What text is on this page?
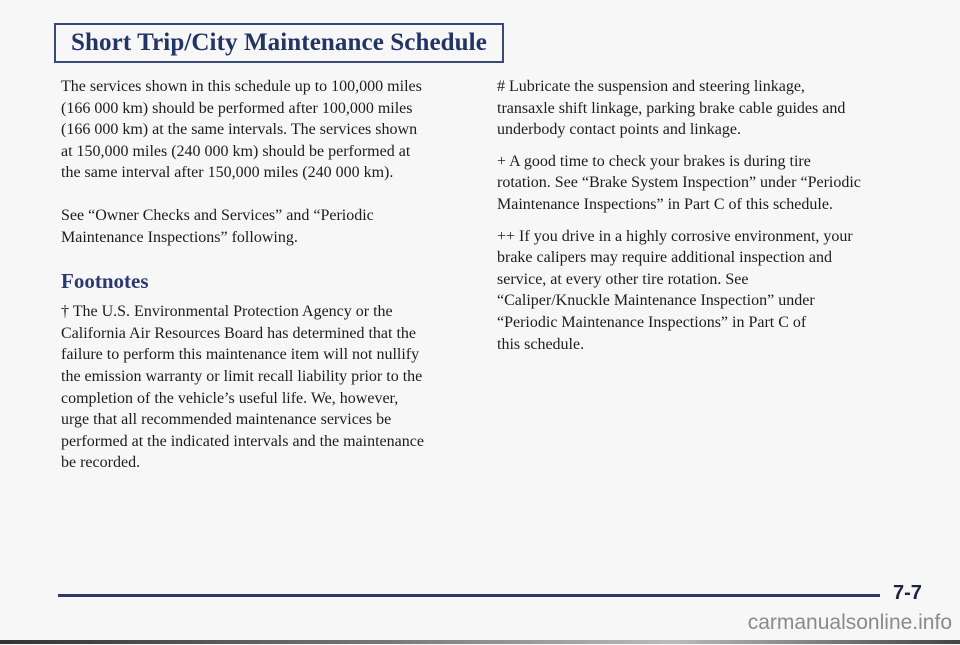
Short Trip/City Maintenance Schedule
The services shown in this schedule up to 100,000 miles
(166 000 km) should be performed after 100,000 miles
(166 000 km) at the same intervals. The services shown
at 150,000 miles (240 000 km) should be performed at
the same interval after 150,000 miles (240 000 km).
See “Owner Checks and Services” and “Periodic
Maintenance Inspections” following.
Footnotes
† The U.S. Environmental Protection Agency or the
California Air Resources Board has determined that the
failure to perform this maintenance item will not nullify
the emission warranty or limit recall liability prior to the
completion of the vehicle’s useful life. We, however,
urge that all recommended maintenance services be
performed at the indicated intervals and the maintenance
be recorded.
# Lubricate the suspension and steering linkage,
transaxle shift linkage, parking brake cable guides and
underbody contact points and linkage.
+ A good time to check your brakes is during tire
rotation. See “Brake System Inspection” under “Periodic
Maintenance Inspections” in Part C of this schedule.
++ If you drive in a highly corrosive environment, your
brake calipers may require additional inspection and
service, at every other tire rotation. See
“Caliper/Knuckle Maintenance Inspection” under
“Periodic Maintenance Inspections” in Part C of
this schedule.
7-7
carmanualsonline.info
